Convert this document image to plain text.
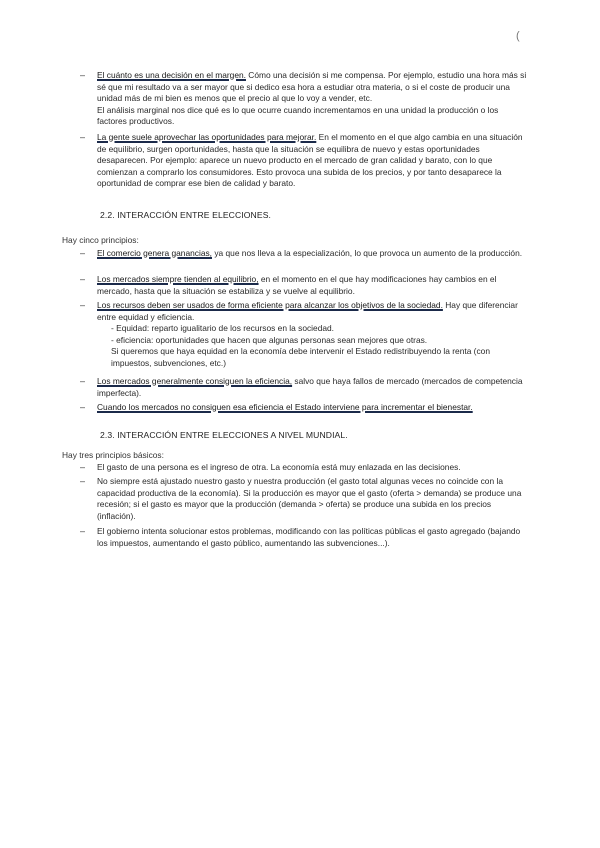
(
– El cuánto es una decisión en el margen. Cómo una decisión si me compensa. Por ejemplo, estudio una hora más si sé que mi resultado va a ser mayor que si dedico esa hora a estudiar otra materia, o si el coste de producir una unidad más de mi bien es menos que el precio al que lo voy a vender, etc.
El análisis marginal nos dice qué es lo que ocurre cuando incrementamos en una unidad la producción o los factores productivos.
– La gente suele aprovechar las oportunidades para mejorar. En el momento en el que algo cambia en una situación de equilibrio, surgen oportunidades, hasta que la situación se equilibra de nuevo y estas oportunidades desaparecen. Por ejemplo: aparece un nuevo producto en el mercado de gran calidad y barato, con lo que comienzan a comprarlo los consumidores. Esto provoca una subida de los precios, y por tanto desaparece la oportunidad de comprar ese bien de calidad y barato.
2.2. INTERACCIÓN ENTRE ELECCIONES.
Hay cinco principios:
– El comercio genera ganancias, ya que nos lleva a la especialización, lo que provoca un aumento de la producción.
– Los mercados siempre tienden al equilibrio, en el momento en el que hay modificaciones hay cambios en el mercado, hasta que la situación se estabiliza y se vuelve al equilibrio.
– Los recursos deben ser usados de forma eficiente para alcanzar los objetivos de la sociedad. Hay que diferenciar entre equidad y eficiencia.
- Equidad: reparto igualitario de los recursos en la sociedad.
- eficiencia: oportunidades que hacen que algunas personas sean mejores que otras.
Si queremos que haya equidad en la economía debe intervenir el Estado redistribuyendo la renta (con impuestos, subvenciones, etc.)
– Los mercados generalmente consiguen la eficiencia, salvo que haya fallos de mercado (mercados de competencia imperfecta).
– Cuando los mercados no consiguen esa eficiencia el Estado interviene para incrementar el bienestar.
2.3. INTERACCIÓN ENTRE ELECCIONES A NIVEL MUNDIAL.
Hay tres principios básicos:
– El gasto de una persona es el ingreso de otra. La economía está muy enlazada en las decisiones.
– No siempre está ajustado nuestro gasto y nuestra producción (el gasto total algunas veces no coincide con la capacidad productiva de la economía). Si la producción es mayor que el gasto (oferta > demanda) se produce una recesión; si el gasto es mayor que la producción (demanda > oferta) se produce una subida en los precios (inflación).
– El gobierno intenta solucionar estos problemas, modificando con las políticas públicas el gasto agregado (bajando los impuestos, aumentando el gasto público, aumentando las subvenciones...).
